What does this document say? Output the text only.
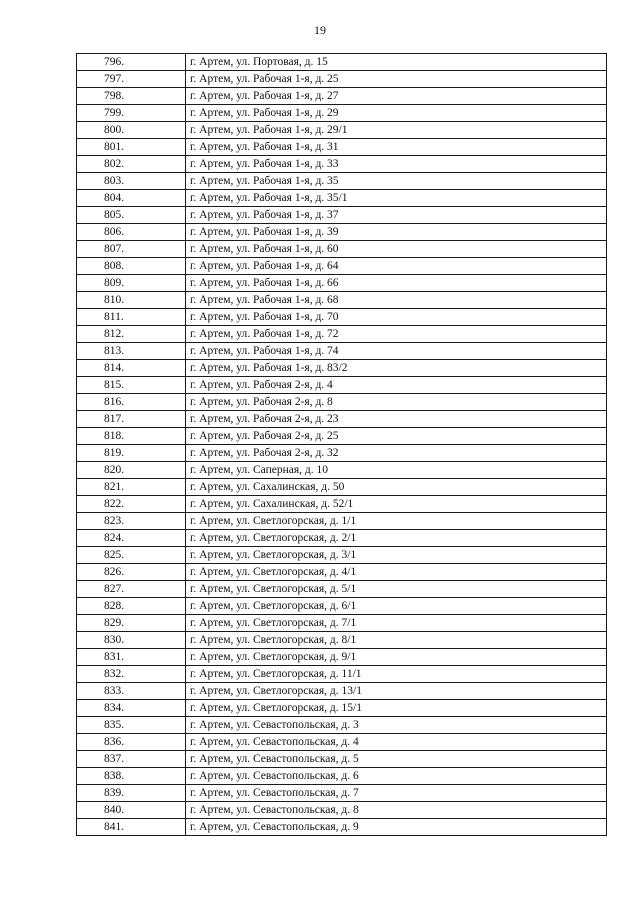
19
796.	г. Артем, ул. Портовая, д. 15
797.	г. Артем, ул. Рабочая 1-я, д. 25
798.	г. Артем, ул. Рабочая 1-я, д. 27
799.	г. Артем, ул. Рабочая 1-я, д. 29
800.	г. Артем, ул. Рабочая 1-я, д. 29/1
801.	г. Артем, ул. Рабочая 1-я, д. 31
802.	г. Артем, ул. Рабочая 1-я, д. 33
803.	г. Артем, ул. Рабочая 1-я, д. 35
804.	г. Артем, ул. Рабочая 1-я, д. 35/1
805.	г. Артем, ул. Рабочая 1-я, д. 37
806.	г. Артем, ул. Рабочая 1-я, д. 39
807.	г. Артем, ул. Рабочая 1-я, д. 60
808.	г. Артем, ул. Рабочая 1-я, д. 64
809.	г. Артем, ул. Рабочая 1-я, д. 66
810.	г. Артем, ул. Рабочая 1-я, д. 68
811.	г. Артем, ул. Рабочая 1-я, д. 70
812.	г. Артем, ул. Рабочая 1-я, д. 72
813.	г. Артем, ул. Рабочая 1-я, д. 74
814.	г. Артем, ул. Рабочая 1-я, д. 83/2
815.	г. Артем, ул. Рабочая 2-я, д. 4
816.	г. Артем, ул. Рабочая 2-я, д. 8
817.	г. Артем, ул. Рабочая 2-я, д. 23
818.	г. Артем, ул. Рабочая 2-я, д. 25
819.	г. Артем, ул. Рабочая 2-я, д. 32
820.	г. Артем, ул. Саперная, д. 10
821.	г. Артем, ул. Сахалинская, д. 50
822.	г. Артем, ул. Сахалинская, д. 52/1
823.	г. Артем, ул. Светлогорская, д. 1/1
824.	г. Артем, ул. Светлогорская, д. 2/1
825.	г. Артем, ул. Светлогорская, д. 3/1
826.	г. Артем, ул. Светлогорская, д. 4/1
827.	г. Артем, ул. Светлогорская, д. 5/1
828.	г. Артем, ул. Светлогорская, д. 6/1
829.	г. Артем, ул. Светлогорская, д. 7/1
830.	г. Артем, ул. Светлогорская, д. 8/1
831.	г. Артем, ул. Светлогорская, д. 9/1
832.	г. Артем, ул. Светлогорская, д. 11/1
833.	г. Артем, ул. Светлогорская, д. 13/1
834.	г. Артем, ул. Светлогорская, д. 15/1
835.	г. Артем, ул. Севастопольская, д. 3
836.	г. Артем, ул. Севастопольская, д. 4
837.	г. Артем, ул. Севастопольская, д. 5
838.	г. Артем, ул. Севастопольская, д. 6
839.	г. Артем, ул. Севастопольская, д. 7
840.	г. Артем, ул. Севастопольская, д. 8
841.	г. Артем, ул. Севастопольская, д. 9
